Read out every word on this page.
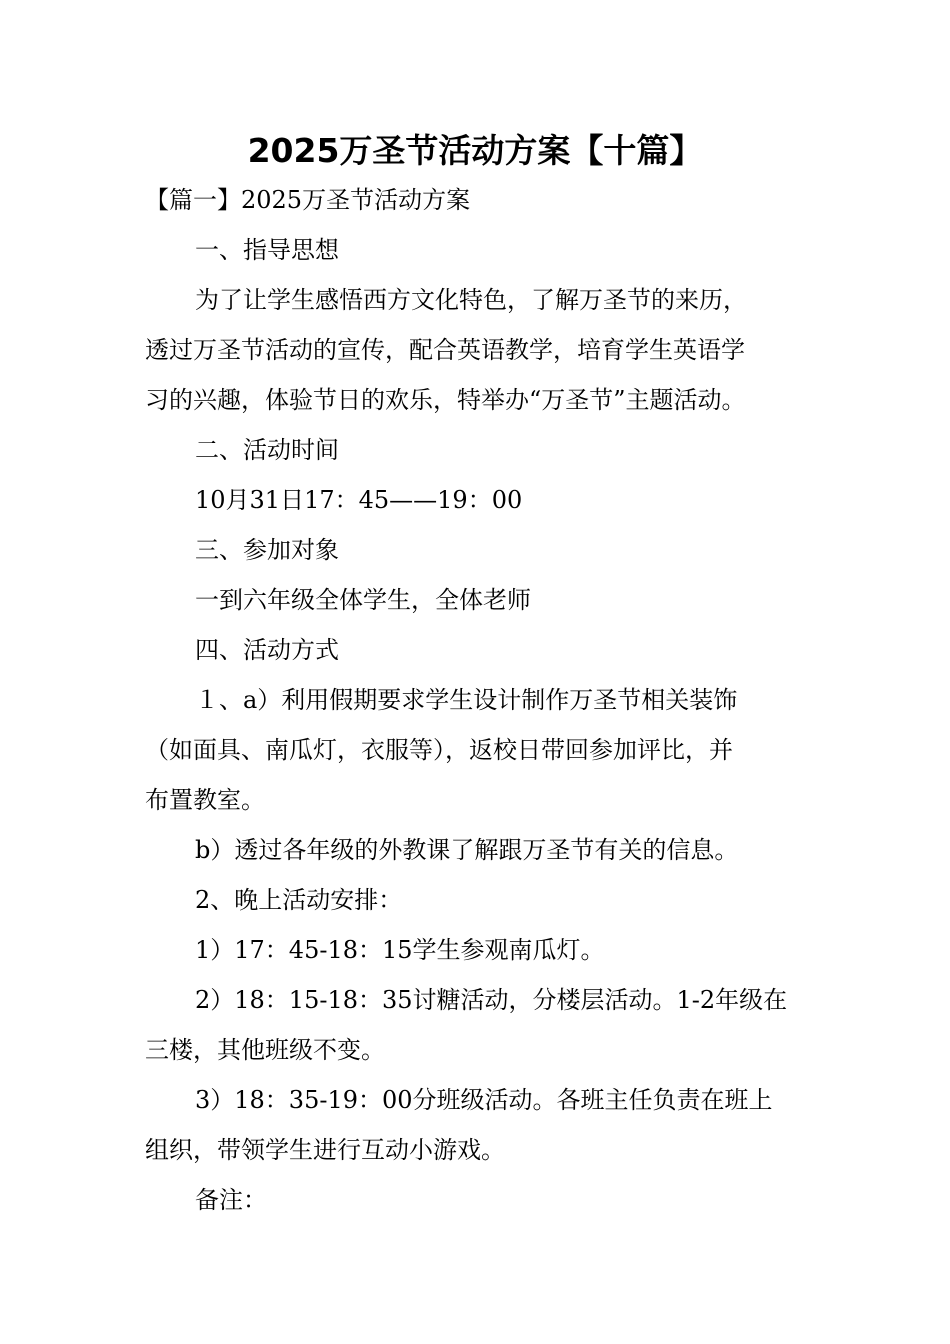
2025万圣节活动方案【十篇】

【篇一】2025万圣节活动方案

一、指导思想

为了让学生感悟西方文化特色，了解万圣节的来历，

透过万圣节活动的宣传，配合英语教学，培育学生英语学

习的兴趣，体验节日的欢乐，特举办“万圣节”主题活动。

二、活动时间

10月31日17：45——19：00

三、参加对象

一到六年级全体学生，全体老师

四、活动方式

１、a）利用假期要求学生设计制作万圣节相关装饰

（如面具、南瓜灯，衣服等），返校日带回参加评比，并

布置教室。

b）透过各年级的外教课了解跟万圣节有关的信息。

2、晚上活动安排：

1）17：45-18：15学生参观南瓜灯。

2）18：15-18：35讨糖活动，分楼层活动。1-2年级在

三楼，其他班级不变。

3）18：35-19：00分班级活动。各班主任负责在班上

组织，带领学生进行互动小游戏。

备注：
